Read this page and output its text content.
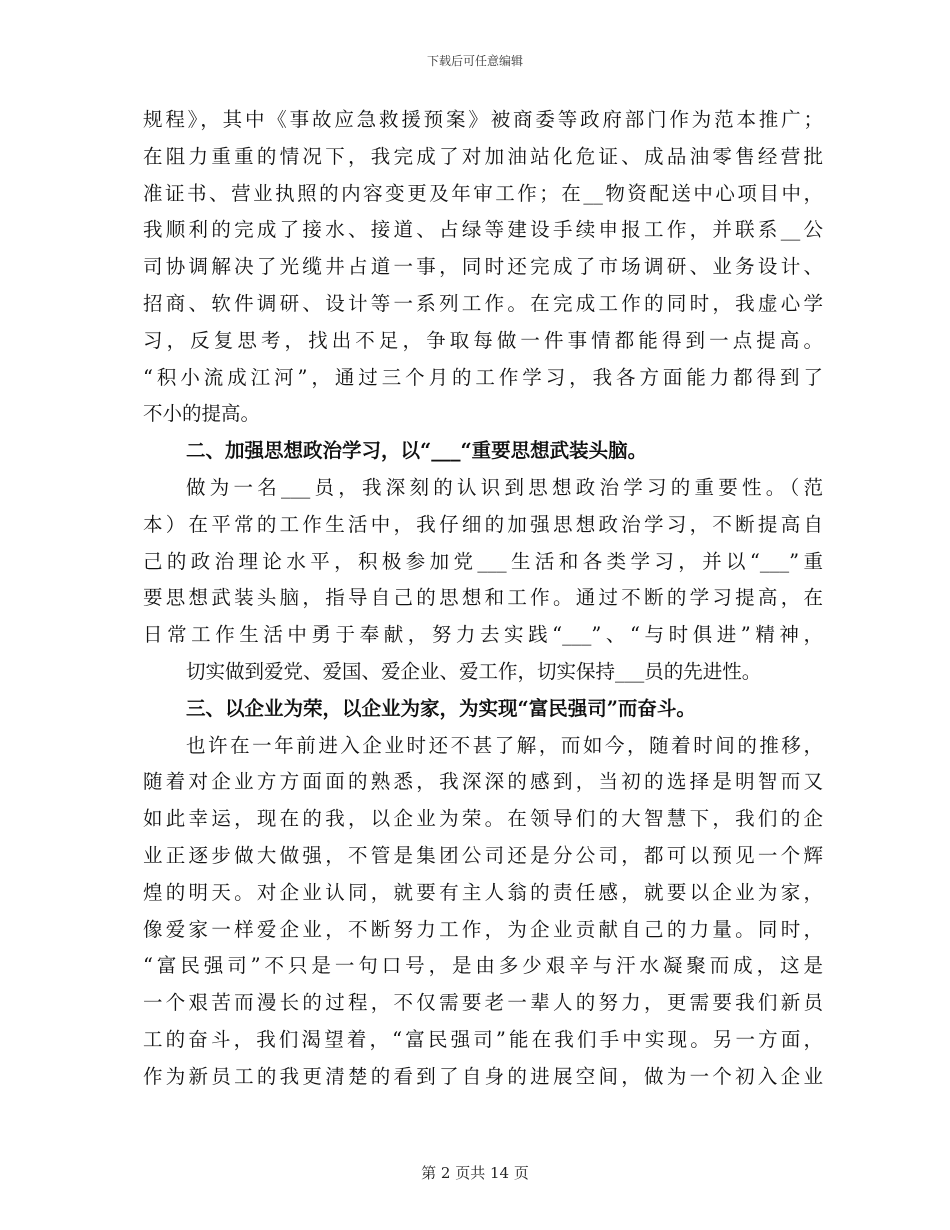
下载后可任意编辑
规程》，其中《事故应急救援预案》被商委等政府部门作为范本推广；
在阻力重重的情况下，我完成了对加油站化危证、成品油零售经营批
准证书、营业执照的内容变更及年审工作；在__物资配送中心项目中，
我顺利的完成了接水、接道、占绿等建设手续申报工作，并联系__公
司协调解决了光缆井占道一事，同时还完成了市场调研、业务设计、
招商、软件调研、设计等一系列工作。在完成工作的同时，我虚心学
习，反复思考，找出不足，争取每做一件事情都能得到一点提高。
“积小流成江河”，通过三个月的工作学习，我各方面能力都得到了
不小的提高。
二、加强思想政治学习，以“___“重要思想武装头脑。
做为一名___员，我深刻的认识到思想政治学习的重要性。（范
本）在平常的工作生活中，我仔细的加强思想政治学习，不断提高自
己的政治理论水平，积极参加党___生活和各类学习，并以“___”重
要思想武装头脑，指导自己的思想和工作。通过不断的学习提高，在
日常工作生活中勇于奉献，努力去实践“___”、“与时俱进”精神，
切实做到爱党、爱国、爱企业、爱工作，切实保持___员的先进性。
三、以企业为荣，以企业为家，为实现“富民强司”而奋斗。
也许在一年前进入企业时还不甚了解，而如今，随着时间的推移，
随着对企业方方面面的熟悉，我深深的感到，当初的选择是明智而又
如此幸运，现在的我，以企业为荣。在领导们的大智慧下，我们的企
业正逐步做大做强，不管是集团公司还是分公司，都可以预见一个辉
煌的明天。对企业认同，就要有主人翁的责任感，就要以企业为家，
像爱家一样爱企业，不断努力工作，为企业贡献自己的力量。同时，
“富民强司”不只是一句口号，是由多少艰辛与汗水凝聚而成，这是
一个艰苦而漫长的过程，不仅需要老一辈人的努力，更需要我们新员
工的奋斗，我们渴望着，“富民强司”能在我们手中实现。另一方面，
作为新员工的我更清楚的看到了自身的进展空间，做为一个初入企业
第 2 页共 14 页
